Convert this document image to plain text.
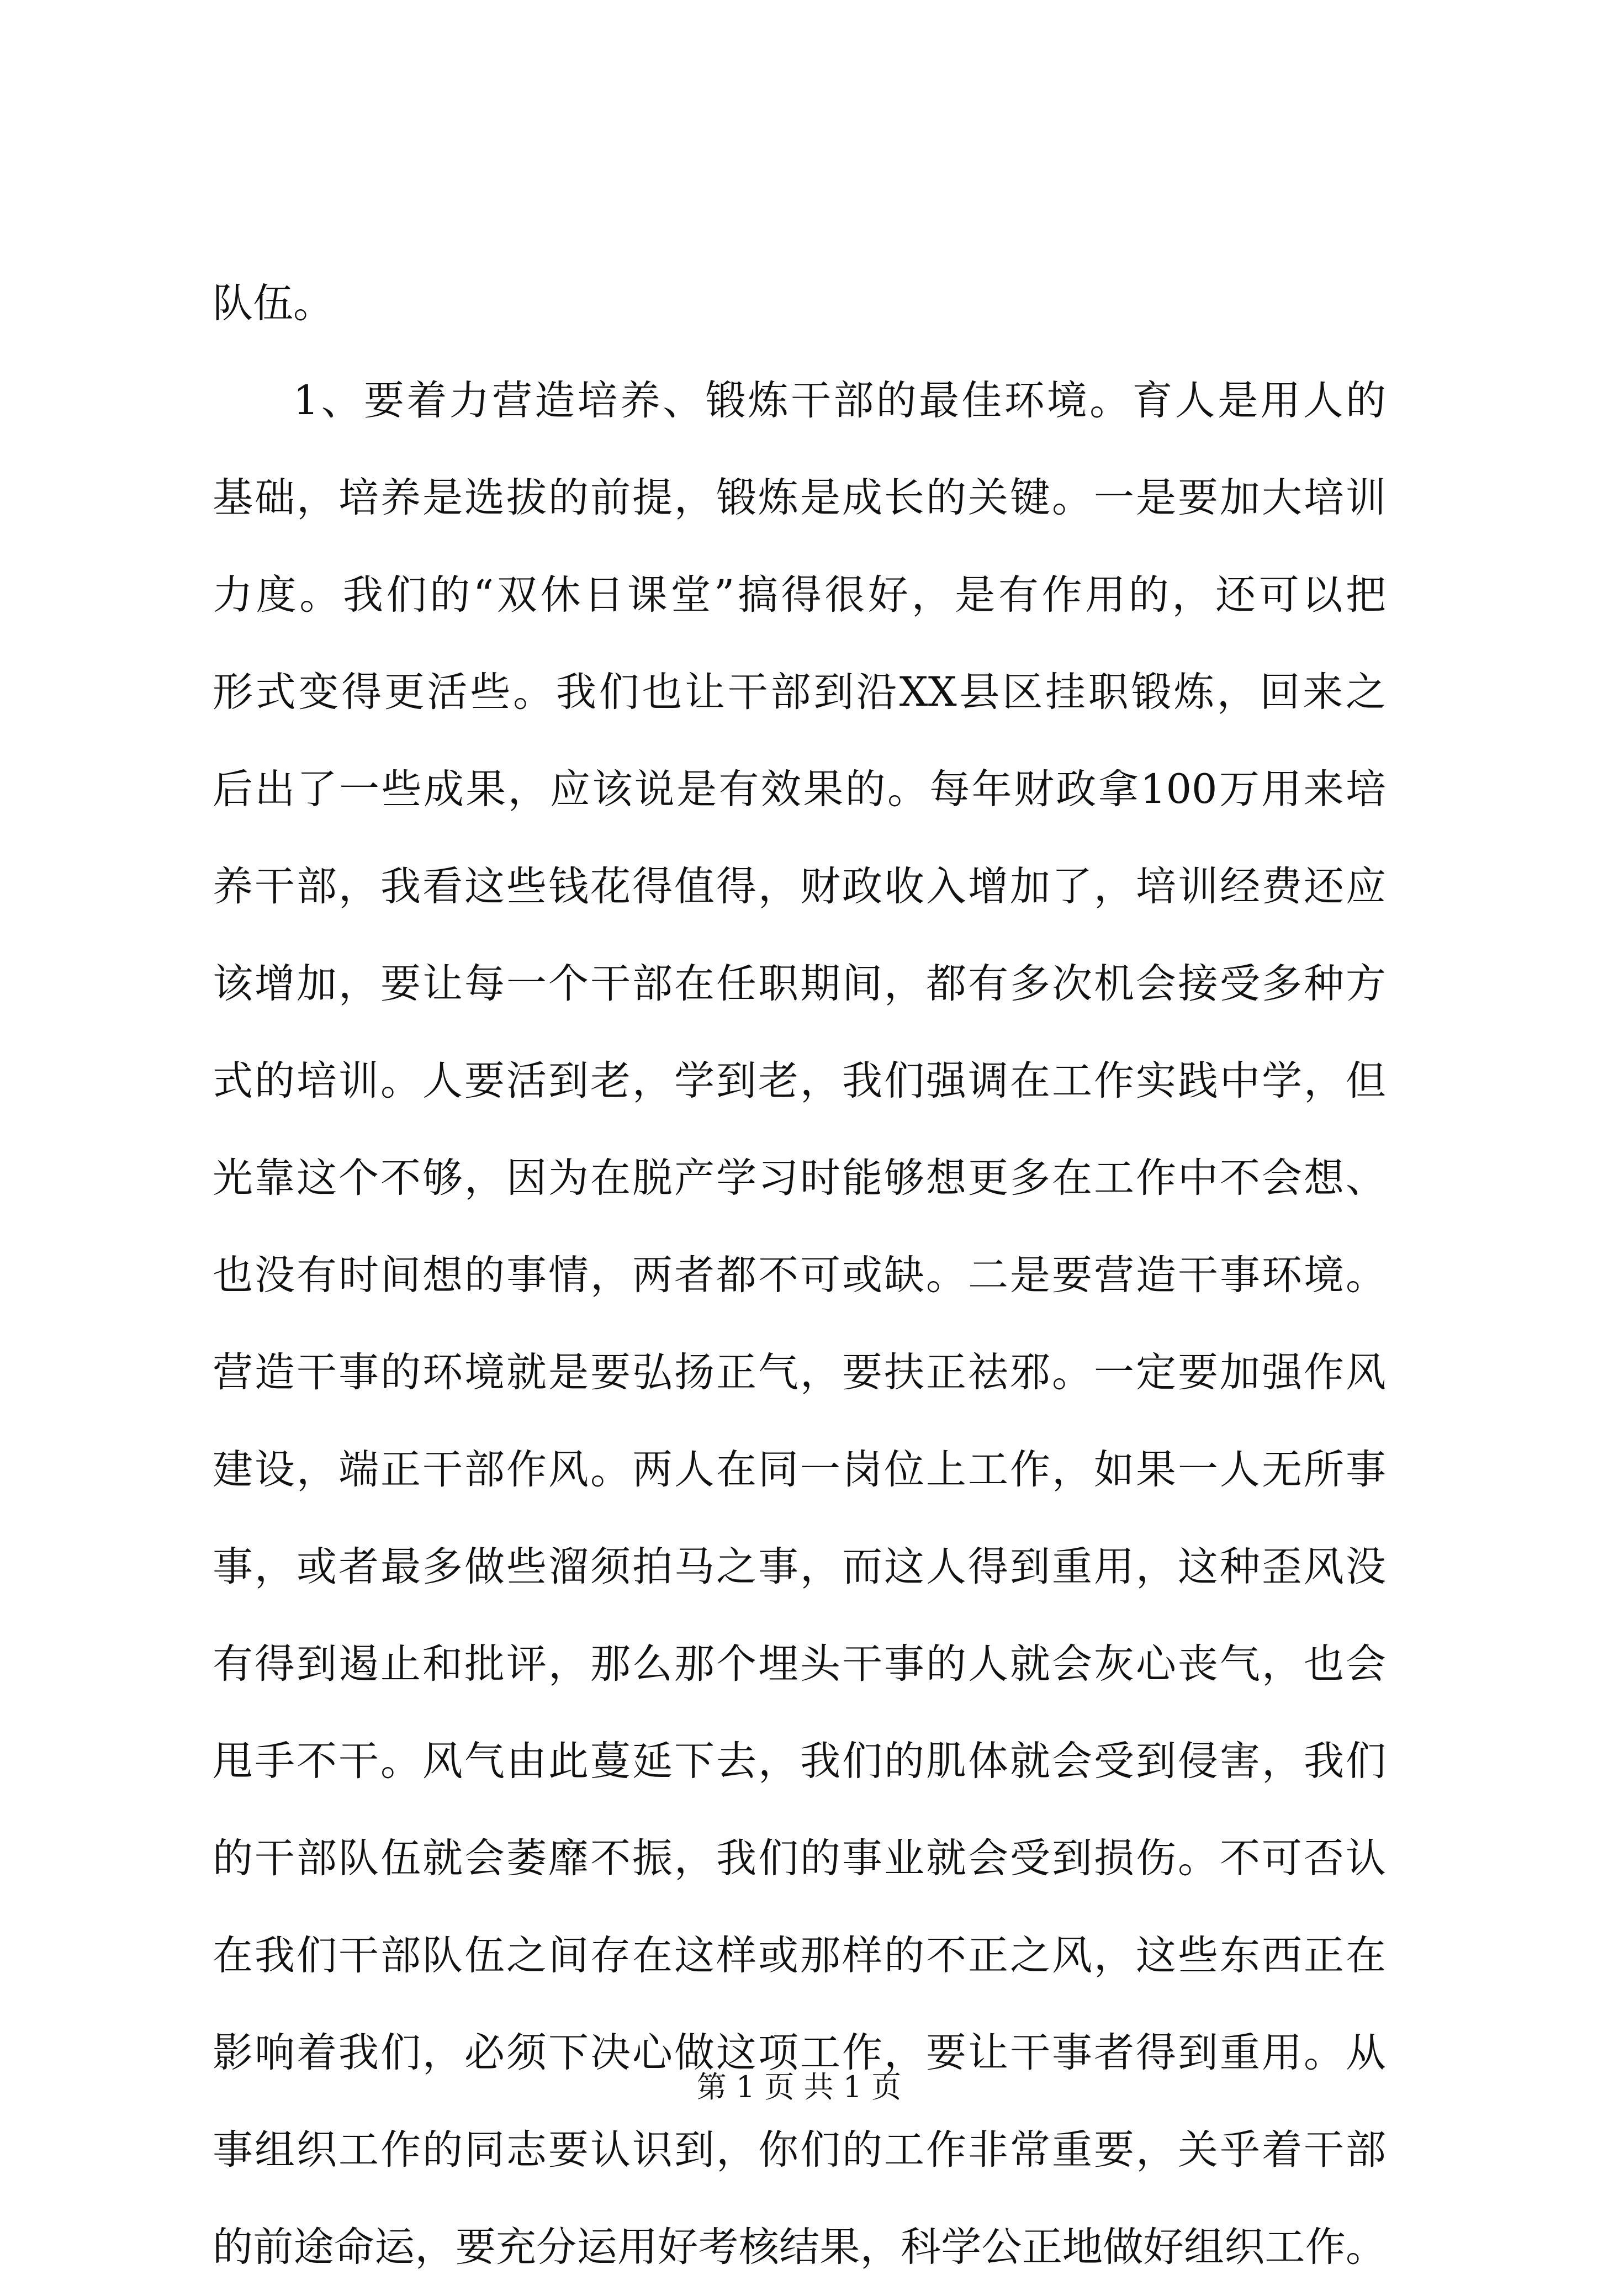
队伍。
1、要着力营造培养、锻炼干部的最佳环境。育人是用人的
基础，培养是选拔的前提，锻炼是成长的关键。一是要加大培训
力度。我们的“双休日课堂”搞得很好，是有作用的，还可以把
形式变得更活些。我们也让干部到沿XX县区挂职锻炼，回来之
后出了一些成果，应该说是有效果的。每年财政拿100万用来培
养干部，我看这些钱花得值得，财政收入增加了，培训经费还应
该增加，要让每一个干部在任职期间，都有多次机会接受多种方
式的培训。人要活到老，学到老，我们强调在工作实践中学，但
光靠这个不够，因为在脱产学习时能够想更多在工作中不会想、
也没有时间想的事情，两者都不可或缺。二是要营造干事环境。
营造干事的环境就是要弘扬正气，要扶正祛邪。一定要加强作风
建设，端正干部作风。两人在同一岗位上工作，如果一人无所事
事，或者最多做些溜须拍马之事，而这人得到重用，这种歪风没
有得到遏止和批评，那么那个埋头干事的人就会灰心丧气，也会
甩手不干。风气由此蔓延下去，我们的肌体就会受到侵害，我们
的干部队伍就会萎靡不振，我们的事业就会受到损伤。不可否认
在我们干部队伍之间存在这样或那样的不正之风，这些东西正在
影响着我们，必须下决心做这项工作，要让干事者得到重用。从
事组织工作的同志要认识到，你们的工作非常重要，关乎着干部
的前途命运，要充分运用好考核结果，科学公正地做好组织工作。
第 1 页 共 1 页
